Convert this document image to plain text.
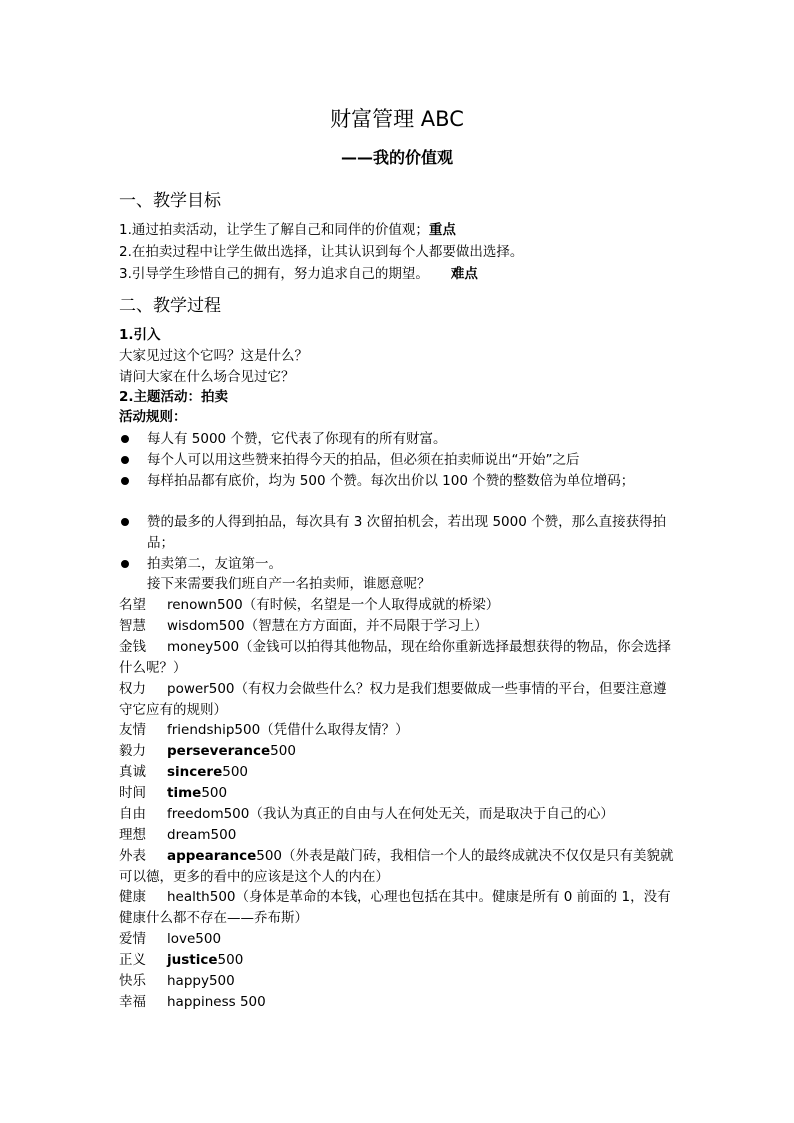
财富管理 ABC
——我的价值观
一、教学目标
1.通过拍卖活动，让学生了解自己和同伴的价值观；重点
2.在拍卖过程中让学生做出选择，让其认识到每个人都要做出选择。
3.引导学生珍惜自己的拥有，努力追求自己的期望。 难点
二、教学过程
1.引入
大家见过这个它吗？这是什么？
请问大家在什么场合见过它？
2.主题活动：拍卖
活动规则：
每人有 5000 个赞，它代表了你现有的所有财富。
每个人可以用这些赞来拍得今天的拍品，但必须在拍卖师说出“开始”之后
每样拍品都有底价，均为 500 个赞。每次出价以 100 个赞的整数倍为单位增码；
赞的最多的人得到拍品，每次具有 3 次留拍机会，若出现 5000 个赞，那么直接获得拍品；
拍卖第二，友谊第一。
接下来需要我们班自产一名拍卖师，谁愿意呢？
名望 renown500（有时候，名望是一个人取得成就的桥梁）
智慧 wisdom500（智慧在方方面面，并不局限于学习上）
金钱 money500（金钱可以拍得其他物品，现在给你重新选择最想获得的物品，你会选择什么呢？）
权力 power500（有权力会做些什么？权力是我们想要做成一些事情的平台，但要注意遵守它应有的规则）
友情 friendship500（凭借什么取得友情？）
毅力 perseverance500
真诚 sincere500
时间 time500
自由 freedom500（我认为真正的自由与人在何处无关，而是取决于自己的心）
理想 dream500
外表 appearance500（外表是敲门砖，我相信一个人的最终成就决不仅仅是只有美貌就可以德，更多的看中的应该是这个人的内在）
健康 health500（身体是革命的本钱，心理也包括在其中。健康是所有 0 前面的 1，没有健康什么都不存在——乔布斯）
爱情 love500
正义 justice500
快乐 happy500
幸福 happiness 500
